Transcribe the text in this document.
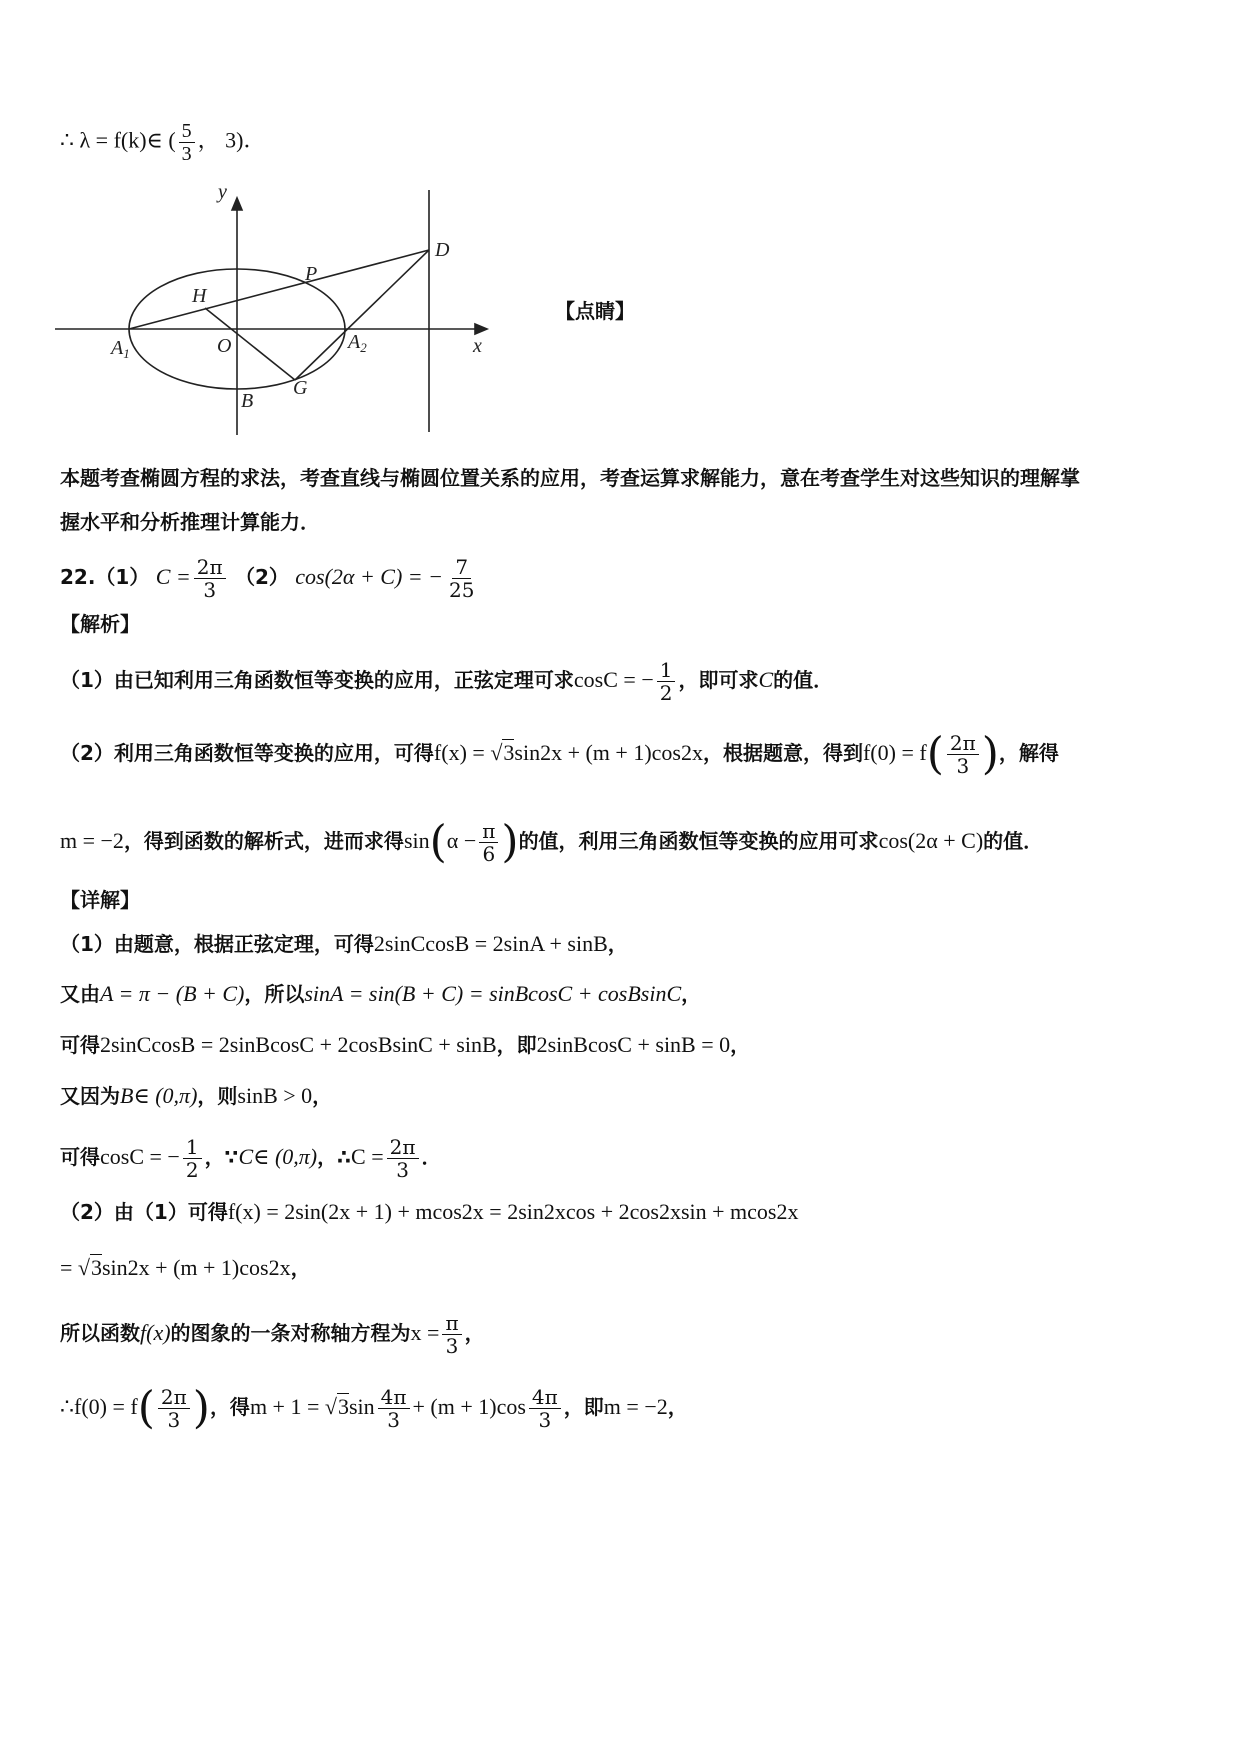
∴ λ = f(k)∈ ( $\frac{5}{3}$ ， 3)．
y
x
D
P
H
O
$A_1$
$A_2$
G
B
【点睛】
本题考查椭圆方程的求法，考查直线与椭圆位置关系的应用，考查运算求解能力，意在考查学生对这些知识的理解掌
握水平和分析推理计算能力．
22.（1） $C = \frac{2\pi}{3} (2) \cos(2\alpha + C)$ = − $\frac{7}{25}$
【解析】
（1）由已知利用三角函数恒等变换的应用，正弦定理可求cosC = − $\frac{1}{2}$ ，即可求C的值．
（2）利用三角函数恒等变换的应用，可得f(x) = √3sin2x + (m + 1)cos2x，根据题意，得到$f(0) = f( \frac{2\pi}{3}$ )，解得
m = −2，得到函数的解析式，进而求得$\sin(\alpha - \frac{\pi}{6}$ )的值，利用三角函数恒等变换的应用可求cos(2α + C)的值．
【详解】
（1）由题意，根据正弦定理，可得2sinCcosB = 2sinA + sinB，
又由A = π − (B + C)，所以sinA = sin(B + C) = sinBcosC + cosBsinC，
可得2sinCcosB = 2sinBcosC + 2cosBsinC + sinB，即2sinBcosC + sinB = 0，
又因为B∈ (0,π)，则sinB > 0，
可得cosC = − $\frac{1}{2}$ ，∵C∈ (0,π)，∴C = $\frac{2\pi}{3}$ ．
（2）由（1）可得f(x) = 2sin(2x + 1) + mcos2x = 2sin2xcos + 2cos2xsin + mcos2x
= √3sin2x + (m + 1)cos2x，
所以函数f(x)的图象的一条对称轴方程为$x = \frac{\pi}{3}$ ，
∴f(0) = $f( \frac{2\pi}{3}$ )，得$m + 1 = √3\sin \frac{4\pi}{3} + (m + 1)\cos \frac{4\pi}{3}$ ，即m = −2，
